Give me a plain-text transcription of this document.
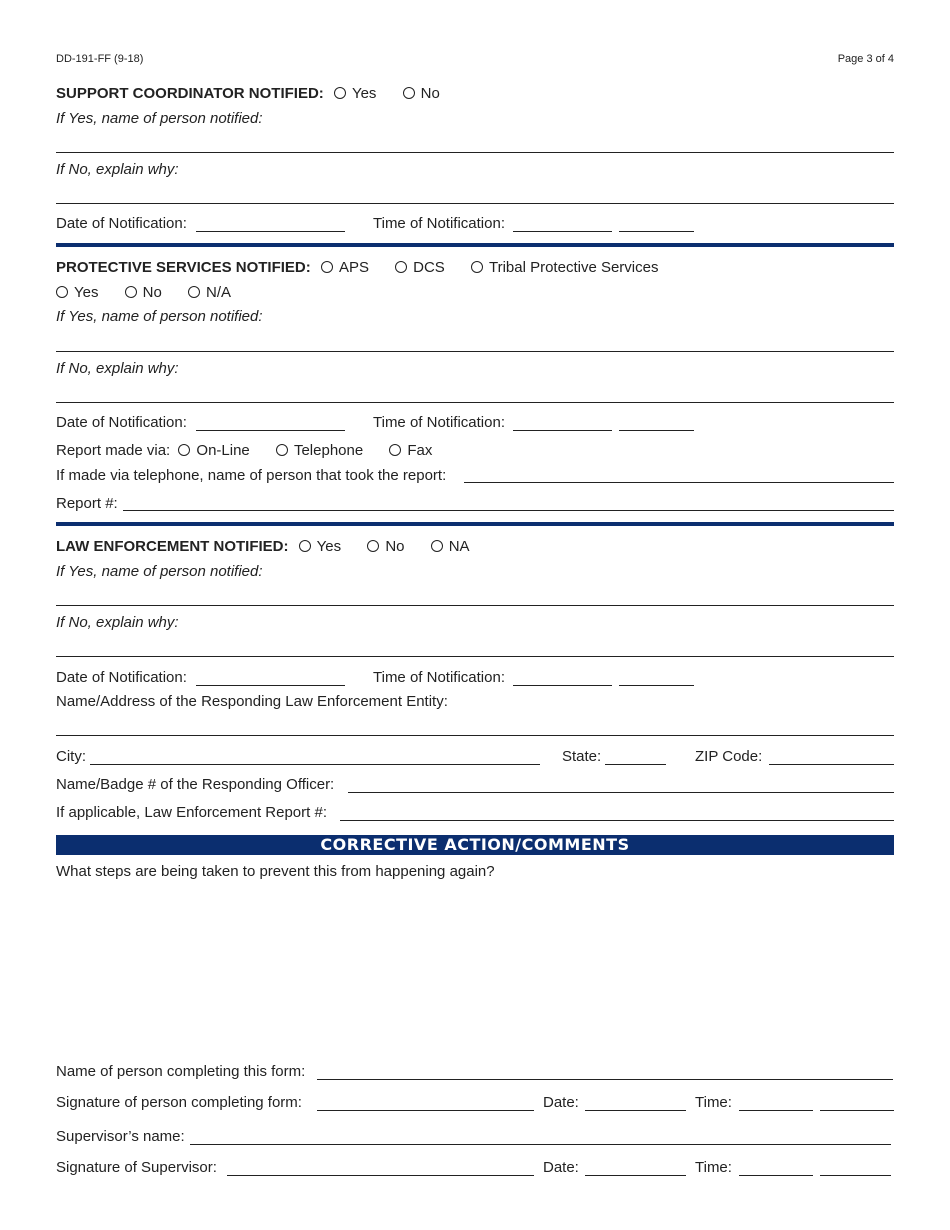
DD-191-FF (9-18)	Page 3 of 4
SUPPORT COORDINATOR NOTIFIED: Yes	No
If Yes, name of person notified:
If No, explain why:
Date of Notification:	Time of Notification:
PROTECTIVE SERVICES NOTIFIED: APS	DCS	Tribal Protective Services
Yes	No	N/A
If Yes, name of person notified:
If No, explain why:
Date of Notification:	Time of Notification:
Report made via: On-Line	Telephone	Fax
If made via telephone, name of person that took the report:
Report #:
LAW ENFORCEMENT NOTIFIED: Yes	No	NA
If Yes, name of person notified:
If No, explain why:
Date of Notification:	Time of Notification:
Name/Address of the Responding Law Enforcement Entity:
City:	State:	ZIP Code:
Name/Badge # of the Responding Officer:
If applicable, Law Enforcement Report #:
CORRECTIVE ACTION/COMMENTS
What steps are being taken to prevent this from happening again?
Name of person completing this form:
Signature of person completing form:	Date:	Time:
Supervisor’s name:
Signature of Supervisor:	Date:	Time:
